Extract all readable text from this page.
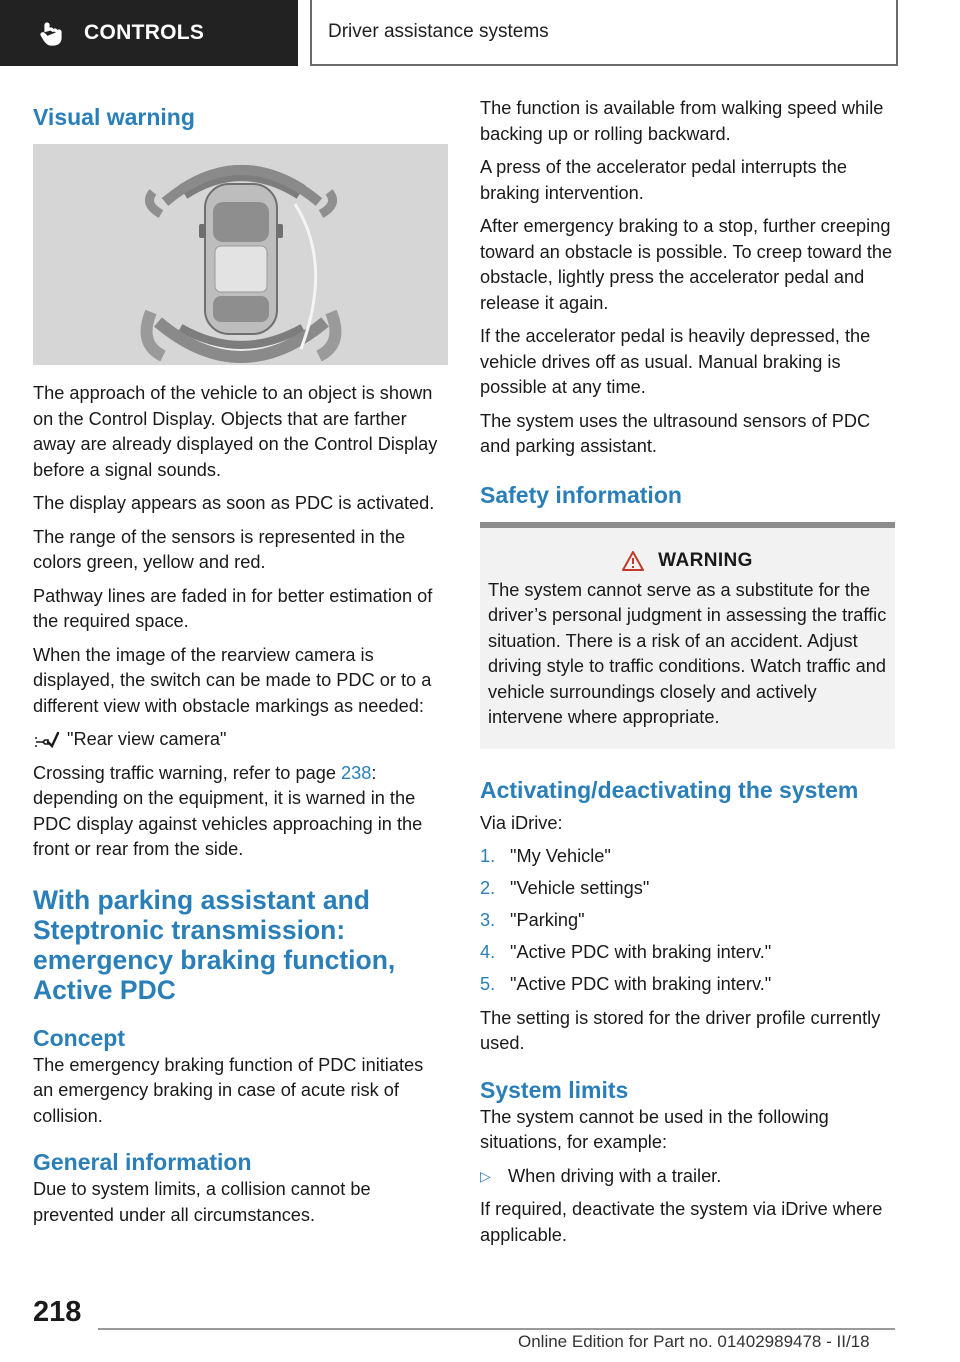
CONTROLS	Driver assistance systems
Visual warning

The approach of the vehicle to an object is shown on the Control Display. Objects that are farther away are already displayed on the Control Display before a signal sounds.

The display appears as soon as PDC is activated.

The range of the sensors is represented in the colors green, yellow and red.

Pathway lines are faded in for better estimation of the required space.

When the image of the rearview camera is displayed, the switch can be made to PDC or to a different view with obstacle markings as needed:

"Rear view camera"

Crossing traffic warning, refer to page 238: depending on the equipment, it is warned in the PDC display against vehicles approaching in the front or rear from the side.

With parking assistant and Steptronic transmission: emergency braking function, Active PDC
Concept

The emergency braking function of PDC initiates an emergency braking in case of acute risk of collision.

General information

Due to system limits, a collision cannot be prevented under all circumstances.

The function is available from walking speed while backing up or rolling backward.

A press of the accelerator pedal interrupts the braking intervention.

After emergency braking to a stop, further creeping toward an obstacle is possible. To creep toward the obstacle, lightly press the accelerator pedal and release it again.

If the accelerator pedal is heavily depressed, the vehicle drives off as usual. Manual braking is possible at any time.

The system uses the ultrasound sensors of PDC and parking assistant.

Safety information
WARNING

The system cannot serve as a substitute for the driver’s personal judgment in assessing the traffic situation. There is a risk of an accident. Adjust driving style to traffic conditions. Watch traffic and vehicle surroundings closely and actively intervene where appropriate.

Activating/deactivating the system

Via iDrive:

1. "My Vehicle"
2. "Vehicle settings"
3. "Parking"
4. "Active PDC with braking interv."
5. "Active PDC with braking interv."

The setting is stored for the driver profile currently used.

System limits

The system cannot be used in the following situations, for example:

▷ When driving with a trailer.

If required, deactivate the system via iDrive where applicable.

218
Online Edition for Part no. 01402989478 - II/18
